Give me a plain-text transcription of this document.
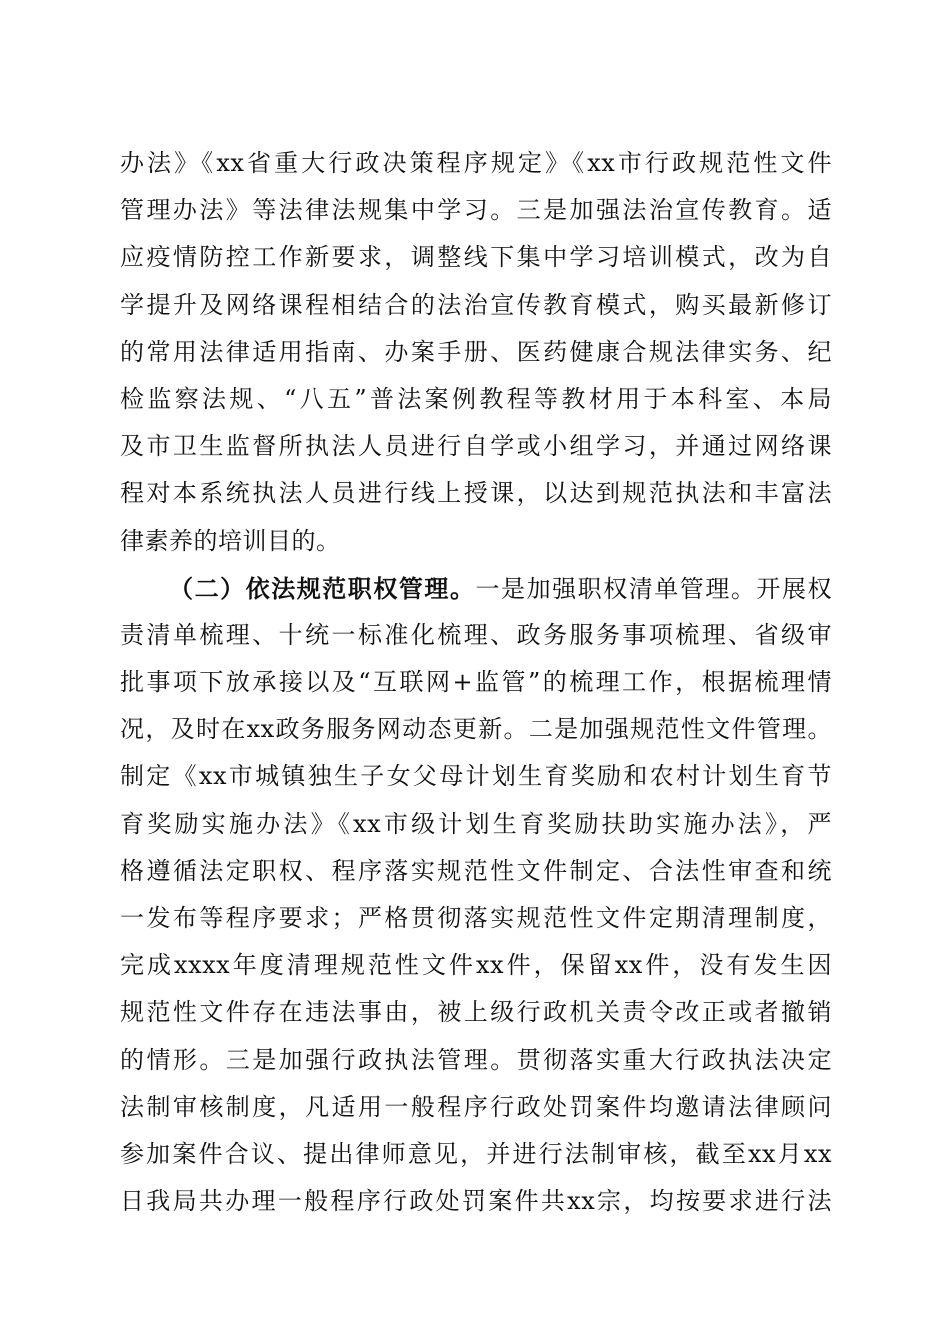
办法》《xx省重大行政决策程序规定》《xx市行政规范性文件
管理办法》等法律法规集中学习。三是加强法治宣传教育。适
应疫情防控工作新要求，调整线下集中学习培训模式，改为自
学提升及网络课程相结合的法治宣传教育模式，购买最新修订
的常用法律适用指南、办案手册、医药健康合规法律实务、纪
检监察法规、“八五”普法案例教程等教材用于本科室、本局
及市卫生监督所执法人员进行自学或小组学习，并通过网络课
程对本系统执法人员进行线上授课，以达到规范执法和丰富法
律素养的培训目的。
（二）依法规范职权管理。一是加强职权清单管理。开展权
责清单梳理、十统一标准化梳理、政务服务事项梳理、省级审
批事项下放承接以及“互联网+监管”的梳理工作，根据梳理情
况，及时在xx政务服务网动态更新。二是加强规范性文件管理。
制定《xx市城镇独生子女父母计划生育奖励和农村计划生育节
育奖励实施办法》《xx市级计划生育奖励扶助实施办法》，严
格遵循法定职权、程序落实规范性文件制定、合法性审查和统
一发布等程序要求；严格贯彻落实规范性文件定期清理制度，
完成xxxx年度清理规范性文件xx件，保留xx件，没有发生因
规范性文件存在违法事由，被上级行政机关责令改正或者撤销
的情形。三是加强行政执法管理。贯彻落实重大行政执法决定
法制审核制度，凡适用一般程序行政处罚案件均邀请法律顾问
参加案件合议、提出律师意见，并进行法制审核，截至xx月xx
日我局共办理一般程序行政处罚案件共xx宗，均按要求进行法
